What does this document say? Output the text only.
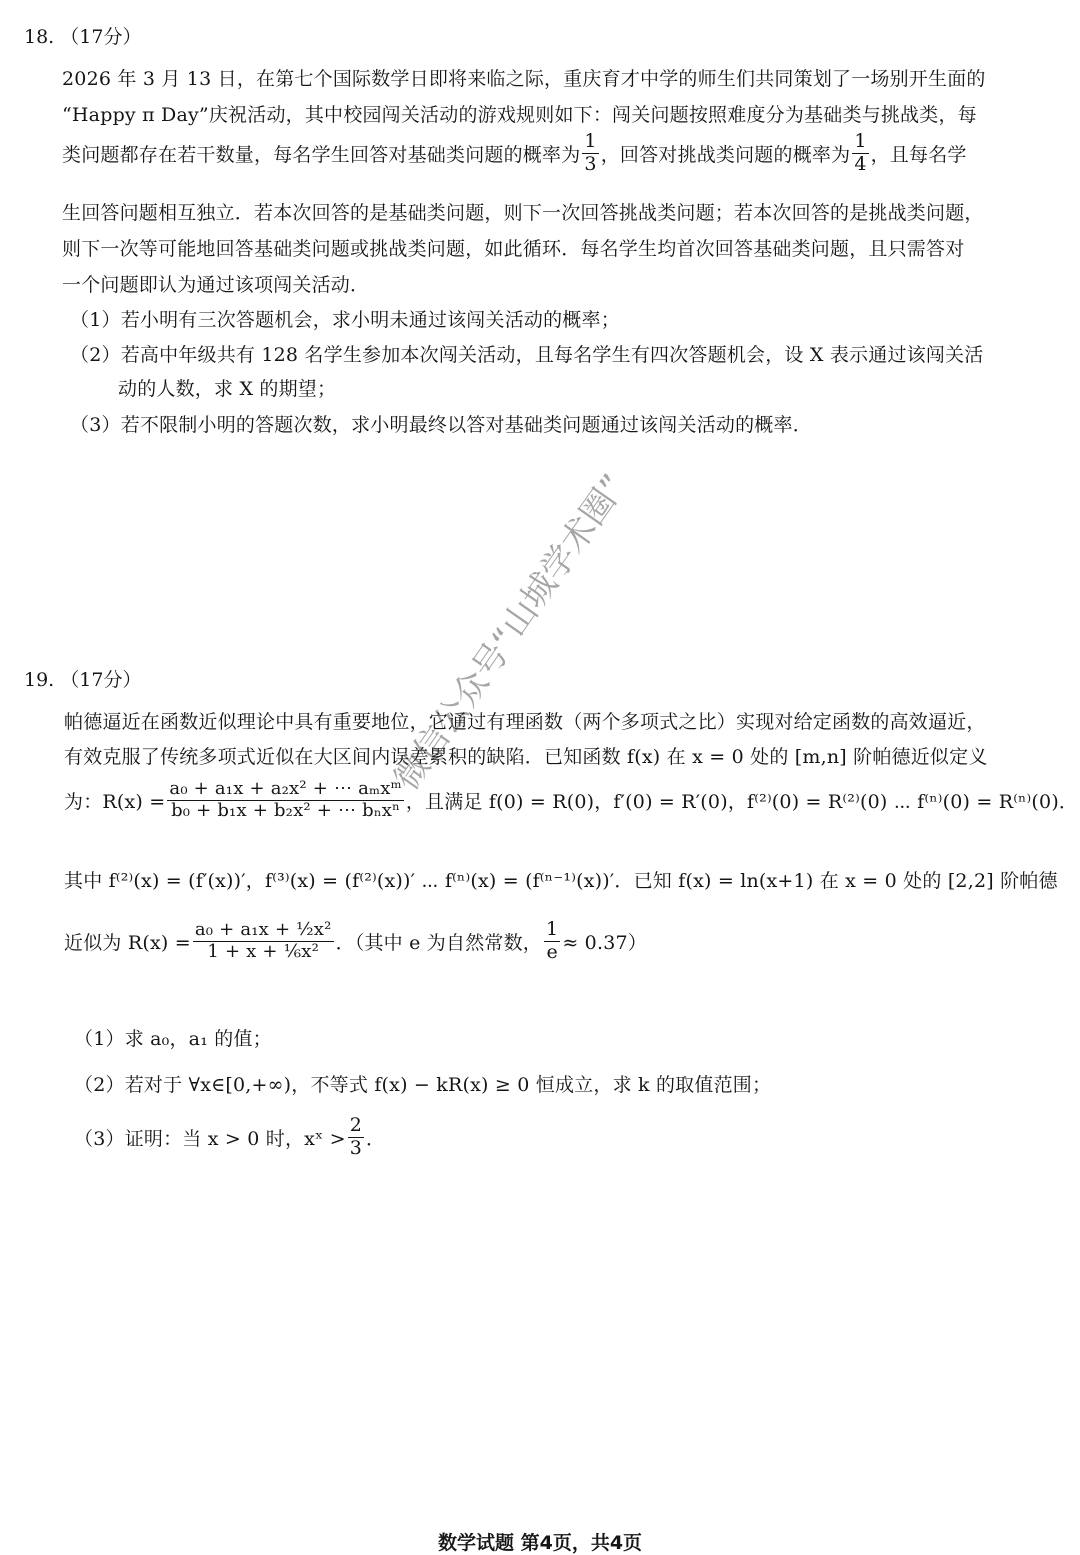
18. （17分）
2026 年 3 月 13 日，在第七个国际数学日即将来临之际，重庆育才中学的师生们共同策划了一场别开生面的
“Happy π Day”庆祝活动，其中校园闯关活动的游戏规则如下：闯关问题按照难度分为基础类与挑战类，每
类问题都存在若干数量，每名学生回答对基础类问题的概率为 $\frac{1}{3}$ ，回答对挑战类问题的概率为 $\frac{1}{4}$ ，且每名学
生回答问题相互独立．若本次回答的是基础类问题，则下一次回答挑战类问题；若本次回答的是挑战类问题，
则下一次等可能地回答基础类问题或挑战类问题，如此循环．每名学生均首次回答基础类问题，且只需答对
一个问题即认为通过该项闯关活动．
（1）若小明有三次答题机会，求小明未通过该闯关活动的概率；
（2）若高中年级共有 128 名学生参加本次闯关活动，且每名学生有四次答题机会，设 X 表示通过该闯关活
动的人数，求 X 的期望；
（3）若不限制小明的答题次数，求小明最终以答对基础类问题通过该闯关活动的概率．
19. （17分）
帕德逼近在函数近似理论中具有重要地位，它通过有理函数（两个多项式之比）实现对给定函数的高效逼近，
有效克服了传统多项式近似在大区间内误差累积的缺陷．已知函数 f(x) 在 x = 0 处的 [m,n] 阶帕德近似定义
为：$R(x) = \frac{\text{a₀ + a₁x + a₂x² + ⋯ aₘxᵐ}}{\text{b₀ + b₁x + b₂x² + ⋯ bₙxⁿ}}$ ，且满足 f(0) = R(0)，f′(0) = R′(0)，f⁽²⁾(0) = R⁽²⁾(0) ⋯ f⁽ⁿ⁾(0) = R⁽ⁿ⁾(0)．
其中 f⁽²⁾(x) = (f′(x))′，f⁽³⁾(x) = (f⁽²⁾(x))′ ⋯ f⁽ⁿ⁾(x) = (f⁽ⁿ⁻¹⁾(x))′．已知 f(x) = ln(x+1) 在 x = 0 处的 [2,2] 阶帕德
近似为 $R(x) = \frac{\text{a₀ + a₁x + ½x²}}{\text{1 + x + ⅙x²}}$ ．（其中 e 为自然常数， $\frac{1}{e} \approx 0.37$）
（1）求 a₀，a₁ 的值；
（2）若对于 ∀x∈[0,+∞)，不等式 f(x) − kR(x) ≥ 0 恒成立，求 k 的取值范围；
（3）证明：当 x > 0 时，xˣ > $\frac{2}{3}$ ．
微信公众号“山城学术圈”
数学试题 第4页，共4页
